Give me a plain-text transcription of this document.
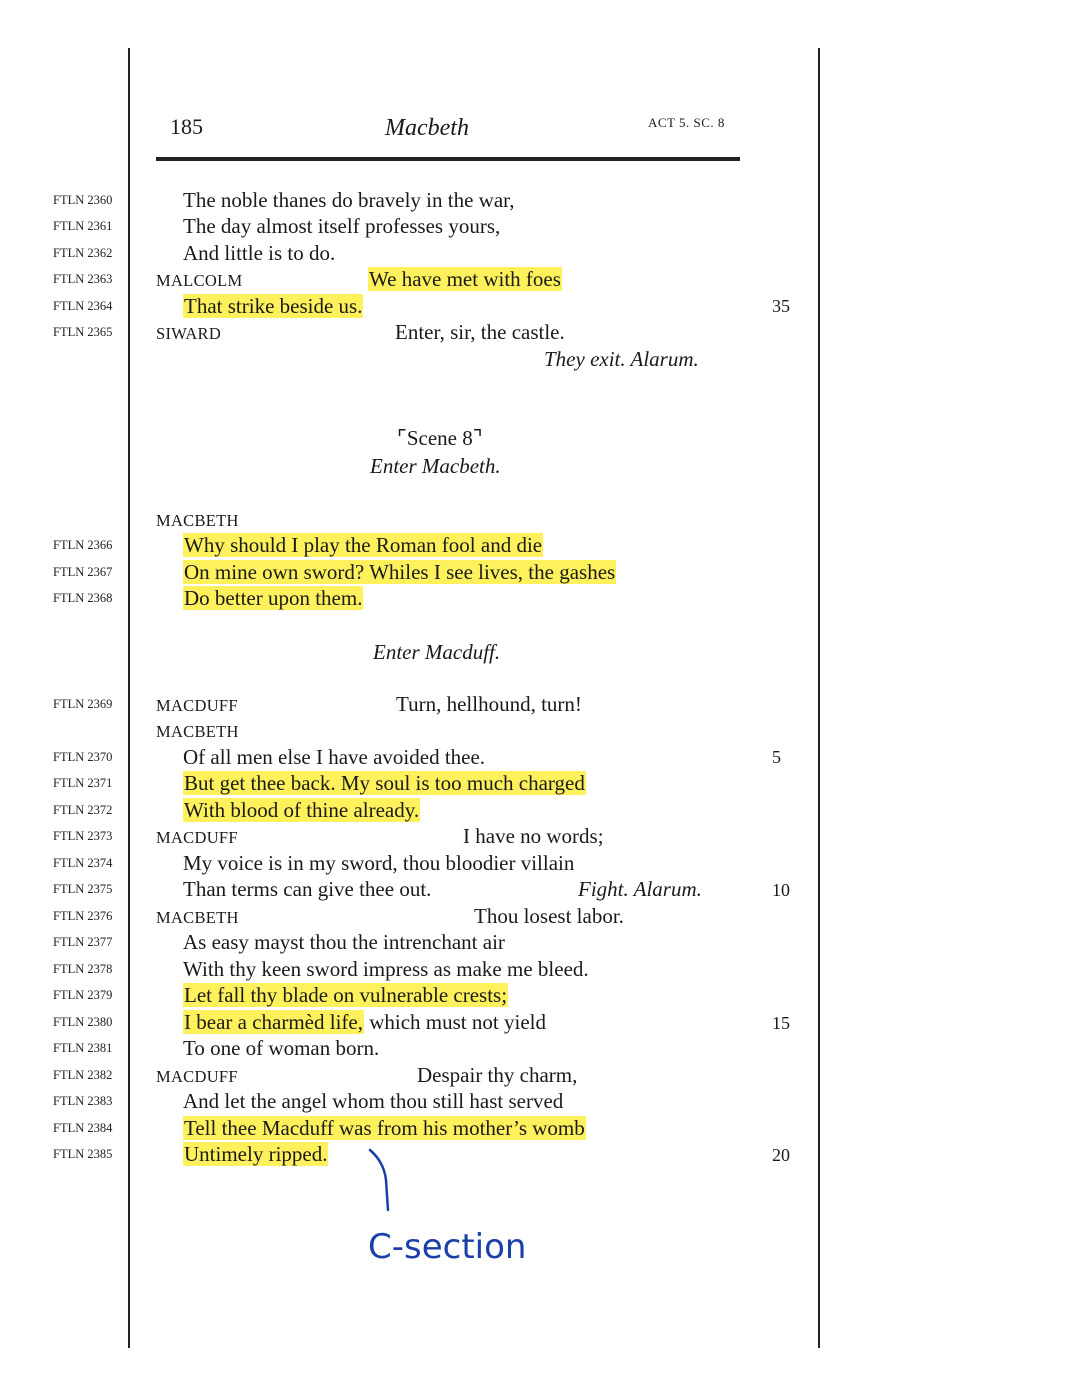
185	Macbeth	ACT 5. SC. 8
FTLN 2360
FTLN 2361
FTLN 2362
FTLN 2363
FTLN 2364
FTLN 2365
FTLN 2366
FTLN 2367
FTLN 2368
FTLN 2369
FTLN 2370
FTLN 2371
FTLN 2372
FTLN 2373
FTLN 2374
FTLN 2375
FTLN 2376
FTLN 2377
FTLN 2378
FTLN 2379
FTLN 2380
FTLN 2381
FTLN 2382
FTLN 2383
FTLN 2384
FTLN 2385
35
5
10
15
20
The noble thanes do bravely in the war,
The day almost itself professes yours,
And little is to do.
MALCOLM	We have met with foes
That strike beside us.
SIWARD	Enter, sir, the castle.
They exit. Alarum.
⌜Scene 8⌝
Enter Macbeth.
MACBETH
Why should I play the Roman fool and die
On mine own sword? Whiles I see lives, the gashes
Do better upon them.
Enter Macduff.
MACDUFF	Turn, hellhound, turn!
MACBETH
Of all men else I have avoided thee.
But get thee back. My soul is too much charged
With blood of thine already.
MACDUFF	I have no words;
My voice is in my sword, thou bloodier villain
Than terms can give thee out.	Fight. Alarum.
MACBETH	Thou losest labor.
As easy mayst thou the intrenchant air
With thy keen sword impress as make me bleed.
Let fall thy blade on vulnerable crests;
I bear a charmèd life, which must not yield
To one of woman born.
MACDUFF	Despair thy charm,
And let the angel whom thou still hast served
Tell thee Macduff was from his mother’s womb
Untimely ripped.
C-section
